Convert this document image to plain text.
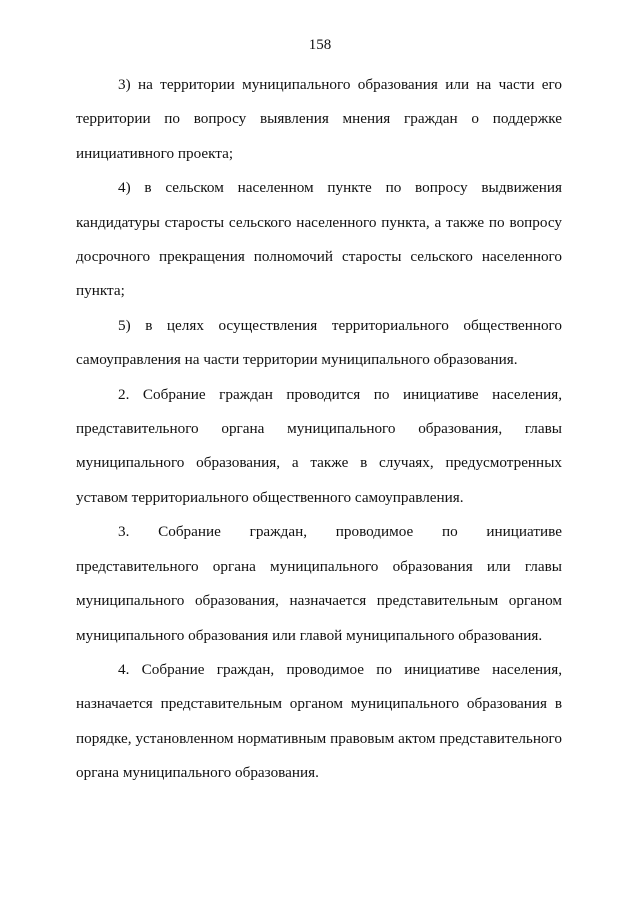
158

3) на территории муниципального образования или на части его территории по вопросу выявления мнения граждан о поддержке инициативного проекта;

4) в сельском населенном пункте по вопросу выдвижения кандидатуры старосты сельского населенного пункта, а также по вопросу досрочного прекращения полномочий старосты сельского населенного пункта;

5) в целях осуществления территориального общественного самоуправления на части территории муниципального образования.

2. Собрание граждан проводится по инициативе населения, представительного органа муниципального образования, главы муниципального образования, а также в случаях, предусмотренных уставом территориального общественного самоуправления.

3. Собрание граждан, проводимое по инициативе представительного органа муниципального образования или главы муниципального образования, назначается представительным органом муниципального образования или главой муниципального образования.

4. Собрание граждан, проводимое по инициативе населения, назначается представительным органом муниципального образования в порядке, установленном нормативным правовым актом представительного органа муниципального образования.
